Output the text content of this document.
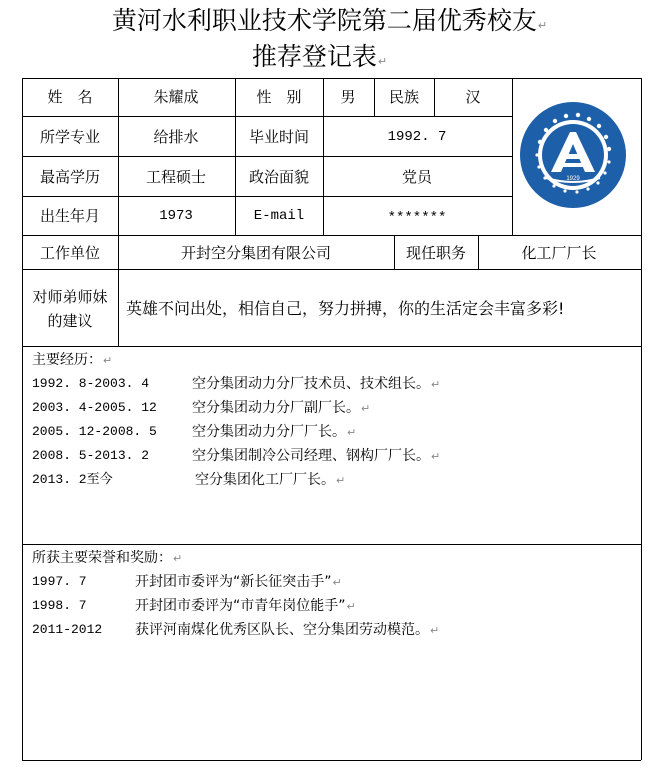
黄河水利职业技术学院第二届优秀校友↵
推荐登记表↵
姓　名	朱耀成	性　别	男 民族	汉
所学专业	给排水	毕业时间	1992. 7
最高学历	工程硕士	政治面貌	党员
出生年月	1973	E-mail	*******
工作单位	开封空分集团有限公司	现任职务	化工厂厂长
对师弟师妹
的建议
英雄不问出处，相信自己，努力拼搏，你的生活定会丰富多彩!
1929
主要经历：↵
1992. 8-2003. 4	空分集团动力分厂技术员、技术组长。↵
2003. 4-2005. 12	空分集团动力分厂副厂长。↵
2005. 12-2008. 5	空分集团动力分厂厂长。↵
2008. 5-2013. 2	空分集团制冷公司经理、钢构厂厂长。↵
2013. 2至今	空分集团化工厂厂长。↵
所获主要荣誉和奖励：↵
1997. 7	开封团市委评为“新长征突击手”↵
1998. 7	开封团市委评为“市青年岗位能手”↵
2011-2012 获评河南煤化优秀区队长、空分集团劳动模范。↵
